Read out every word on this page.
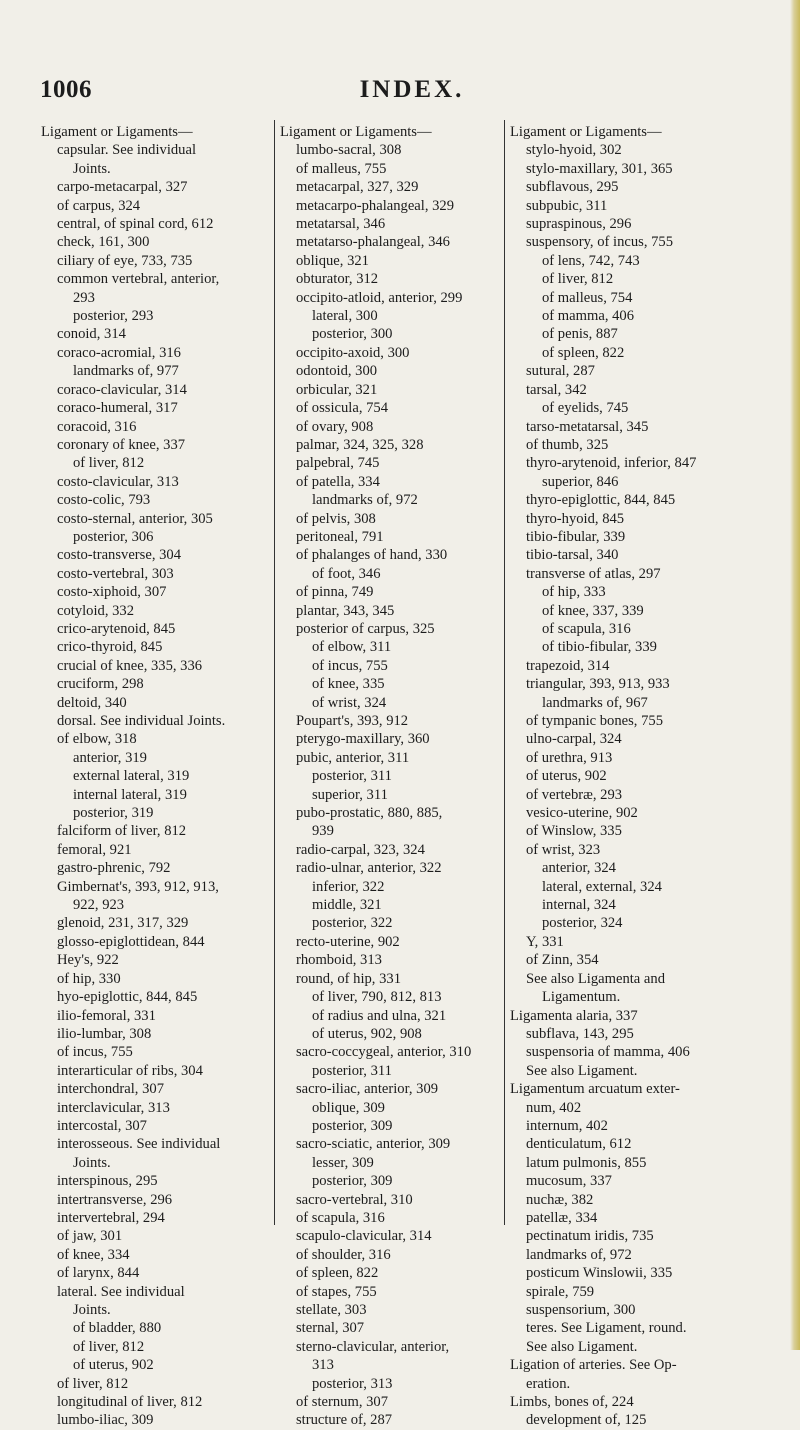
1006	INDEX.
Ligament or Ligaments—
capsular. See individual
Joints.
carpo-metacarpal, 327
of carpus, 324
central, of spinal cord, 612
check, 161, 300
ciliary of eye, 733, 735
common vertebral, anterior,
293
posterior, 293
conoid, 314
coraco-acromial, 316
landmarks of, 977
coraco-clavicular, 314
coraco-humeral, 317
coracoid, 316
coronary of knee, 337
of liver, 812
costo-clavicular, 313
costo-colic, 793
costo-sternal, anterior, 305
posterior, 306
costo-transverse, 304
costo-vertebral, 303
costo-xiphoid, 307
cotyloid, 332
crico-arytenoid, 845
crico-thyroid, 845
crucial of knee, 335, 336
cruciform, 298
deltoid, 340
dorsal. See individual Joints.
of elbow, 318
anterior, 319
external lateral, 319
internal lateral, 319
posterior, 319
falciform of liver, 812
femoral, 921
gastro-phrenic, 792
Gimbernat's, 393, 912, 913,
922, 923
glenoid, 231, 317, 329
glosso-epiglottidean, 844
Hey's, 922
of hip, 330
hyo-epiglottic, 844, 845
ilio-femoral, 331
ilio-lumbar, 308
of incus, 755
interarticular of ribs, 304
interchondral, 307
interclavicular, 313
intercostal, 307
interosseous. See individual
Joints.
interspinous, 295
intertransverse, 296
intervertebral, 294
of jaw, 301
of knee, 334
of larynx, 844
lateral. See individual
Joints.
of bladder, 880
of liver, 812
of uterus, 902
of liver, 812
longitudinal of liver, 812
lumbo-iliac, 309
Ligament or Ligaments—
lumbo-sacral, 308
of malleus, 755
metacarpal, 327, 329
metacarpo-phalangeal, 329
metatarsal, 346
metatarso-phalangeal, 346
oblique, 321
obturator, 312
occipito-atloid, anterior, 299
lateral, 300
posterior, 300
occipito-axoid, 300
odontoid, 300
orbicular, 321
of ossicula, 754
of ovary, 908
palmar, 324, 325, 328
palpebral, 745
of patella, 334
landmarks of, 972
of pelvis, 308
peritoneal, 791
of phalanges of hand, 330
of foot, 346
of pinna, 749
plantar, 343, 345
posterior of carpus, 325
of elbow, 311
of incus, 755
of knee, 335
of wrist, 324
Poupart's, 393, 912
pterygo-maxillary, 360
pubic, anterior, 311
posterior, 311
superior, 311
pubo-prostatic, 880, 885,
939
radio-carpal, 323, 324
radio-ulnar, anterior, 322
inferior, 322
middle, 321
posterior, 322
recto-uterine, 902
rhomboid, 313
round, of hip, 331
of liver, 790, 812, 813
of radius and ulna, 321
of uterus, 902, 908
sacro-coccygeal, anterior, 310
posterior, 311
sacro-iliac, anterior, 309
oblique, 309
posterior, 309
sacro-sciatic, anterior, 309
lesser, 309
posterior, 309
sacro-vertebral, 310
of scapula, 316
scapulo-clavicular, 314
of shoulder, 316
of spleen, 822
of stapes, 755
stellate, 303
sternal, 307
sterno-clavicular, anterior,
313
posterior, 313
of sternum, 307
structure of, 287
Ligament or Ligaments—
stylo-hyoid, 302
stylo-maxillary, 301, 365
subflavous, 295
subpubic, 311
supraspinous, 296
suspensory, of incus, 755
of lens, 742, 743
of liver, 812
of malleus, 754
of mamma, 406
of penis, 887
of spleen, 822
sutural, 287
tarsal, 342
of eyelids, 745
tarso-metatarsal, 345
of thumb, 325
thyro-arytenoid, inferior, 847
superior, 846
thyro-epiglottic, 844, 845
thyro-hyoid, 845
tibio-fibular, 339
tibio-tarsal, 340
transverse of atlas, 297
of hip, 333
of knee, 337, 339
of scapula, 316
of tibio-fibular, 339
trapezoid, 314
triangular, 393, 913, 933
landmarks of, 967
of tympanic bones, 755
ulno-carpal, 324
of urethra, 913
of uterus, 902
of vertebræ, 293
vesico-uterine, 902
of Winslow, 335
of wrist, 323
anterior, 324
lateral, external, 324
internal, 324
posterior, 324
Y, 331
of Zinn, 354
See also Ligamenta and
Ligamentum.
Ligamenta alaria, 337
subflava, 143, 295
suspensoria of mamma, 406
See also Ligament.
Ligamentum arcuatum exter-
num, 402
internum, 402
denticulatum, 612
latum pulmonis, 855
mucosum, 337
nuchæ, 382
patellæ, 334
pectinatum iridis, 735
landmarks of, 972
posticum Winslowii, 335
spirale, 759
suspensorium, 300
teres. See Ligament, round.
See also Ligament.
Ligation of arteries. See Op-
eration.
Limbs, bones of, 224
development of, 125
